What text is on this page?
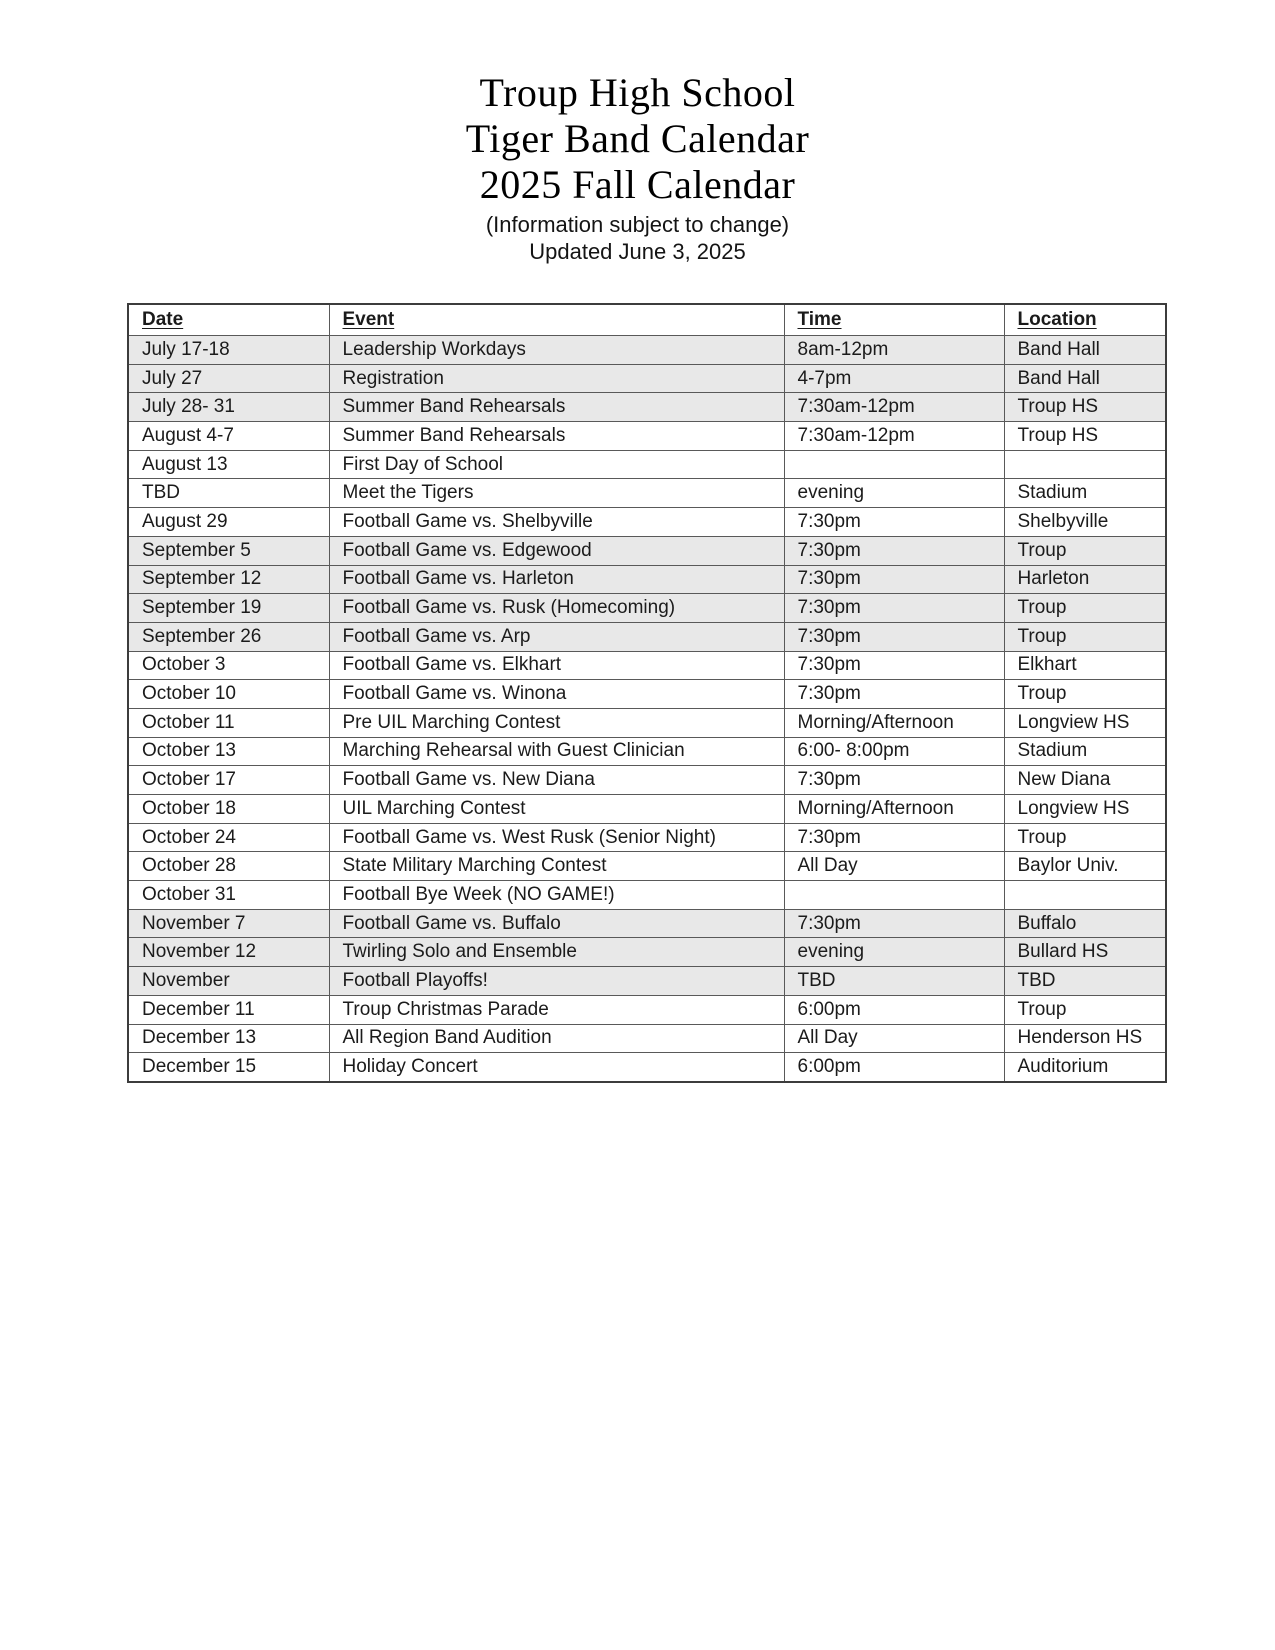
Troup High School
Tiger Band Calendar
2025 Fall Calendar
(Information subject to change)
Updated June 3, 2025
Date	Event	Time	Location
July 17-18	Leadership Workdays	8am-12pm	Band Hall
July 27	Registration	4-7pm	Band Hall
July 28- 31	Summer Band Rehearsals	7:30am-12pm	Troup HS
August 4-7	Summer Band Rehearsals	7:30am-12pm	Troup HS
August 13	First Day of School		
TBD	Meet the Tigers	evening	Stadium
August 29	Football Game vs. Shelbyville	7:30pm	Shelbyville
September 5	Football Game vs. Edgewood	7:30pm	Troup
September 12	Football Game vs. Harleton	7:30pm	Harleton
September 19	Football Game vs. Rusk (Homecoming)	7:30pm	Troup
September 26	Football Game vs. Arp	7:30pm	Troup
October 3	Football Game vs. Elkhart	7:30pm	Elkhart
October 10	Football Game vs. Winona	7:30pm	Troup
October 11	Pre UIL Marching Contest	Morning/Afternoon	Longview HS
October 13	Marching Rehearsal with Guest Clinician	6:00- 8:00pm	Stadium
October 17	Football Game vs. New Diana	7:30pm	New Diana
October 18	UIL Marching Contest	Morning/Afternoon	Longview HS
October 24	Football Game vs. West Rusk (Senior Night)	7:30pm	Troup
October 28	State Military Marching Contest	All Day	Baylor Univ.
October 31	Football Bye Week (NO GAME!)		
November 7	Football Game vs. Buffalo	7:30pm	Buffalo
November 12	Twirling Solo and Ensemble	evening	Bullard HS
November	Football Playoffs!	TBD	TBD
December 11	Troup Christmas Parade	6:00pm	Troup
December 13	All Region Band Audition	All Day	Henderson HS
December 15	Holiday Concert	6:00pm	Auditorium
